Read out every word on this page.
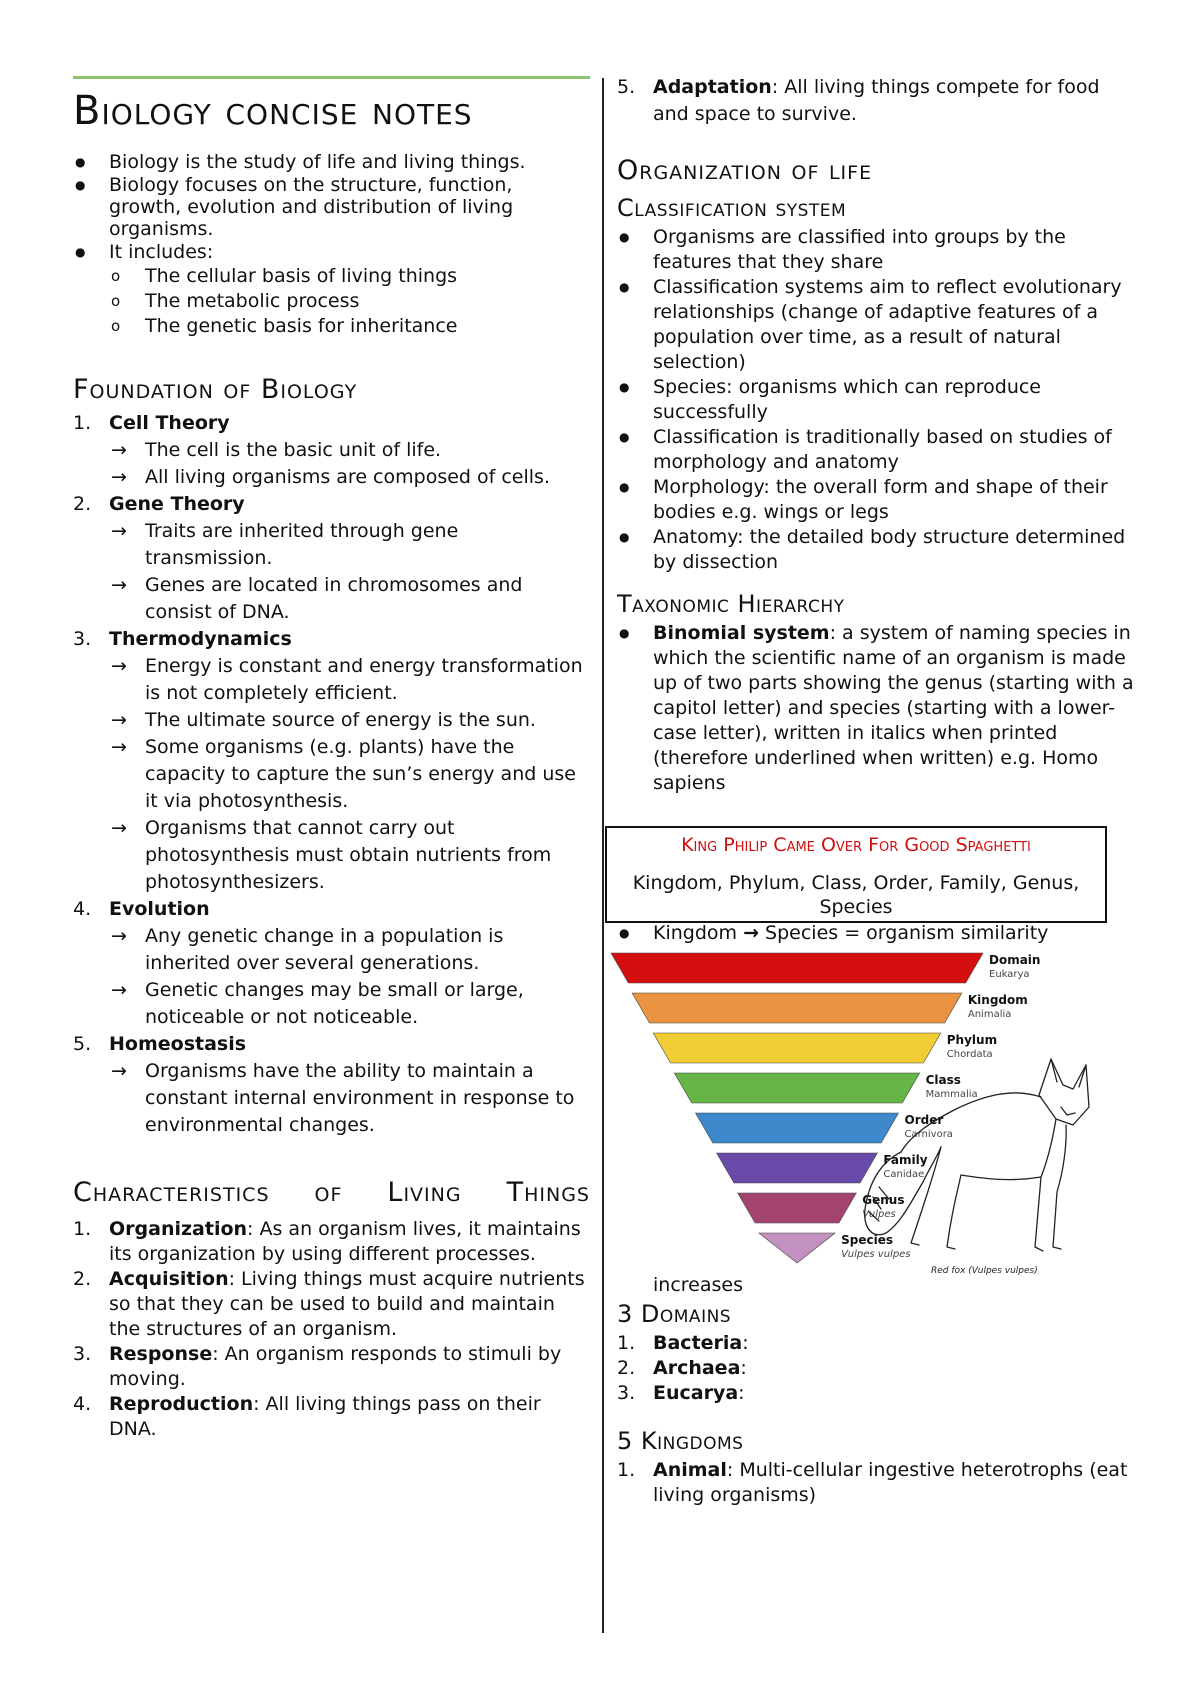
Biology concise notes
● Biology is the study of life and living things.
● Biology focuses on the structure, function, growth, evolution and distribution of living organisms.
● It includes:
o The cellular basis of living things
o The metabolic process
o The genetic basis for inheritance
Foundation of Biology
1. Cell Theory
→ The cell is the basic unit of life.
→ All living organisms are composed of cells.
2. Gene Theory
→ Traits are inherited through gene transmission.
→ Genes are located in chromosomes and consist of DNA.
3. Thermodynamics
→ Energy is constant and energy transformation is not completely efficient.
→ The ultimate source of energy is the sun.
→ Some organisms (e.g. plants) have the capacity to capture the sun’s energy and use it via photosynthesis.
→ Organisms that cannot carry out photosynthesis must obtain nutrients from photosynthesizers.
4. Evolution
→ Any genetic change in a population is inherited over several generations.
→ Genetic changes may be small or large, noticeable or not noticeable.
5. Homeostasis
→ Organisms have the ability to maintain a constant internal environment in response to environmental changes.
Characteristics of Living Things
1. Organization: As an organism lives, it maintains its organization by using different processes.
2. Acquisition: Living things must acquire nutrients so that they can be used to build and maintain the structures of an organism.
3. Response: An organism responds to stimuli by moving.
4. Reproduction: All living things pass on their DNA.
5. Adaptation: All living things compete for food and space to survive.
Organization of life
Classification system
● Organisms are classified into groups by the features that they share
● Classification systems aim to reflect evolutionary relationships (change of adaptive features of a population over time, as a result of natural selection)
● Species: organisms which can reproduce successfully
● Classification is traditionally based on studies of morphology and anatomy
● Morphology: the overall form and shape of their bodies e.g. wings or legs
● Anatomy: the detailed body structure determined by dissection
Taxonomic Hierarchy
● Binomial system: a system of naming species in which the scientific name of an organism is made up of two parts showing the genus (starting with a capitol letter) and species (starting with a lower-case letter), written in italics when printed (therefore underlined when written) e.g. Homo sapiens
King Philip Came Over For Good Spaghetti
Kingdom, Phylum, Class, Order, Family, Genus, Species
● Kingdom → Species = organism similarity
Domain
Eukarya
Kingdom
Animalia
Phylum
Chordata
Class
Mammalia
Order
Carnivora
Family
Canidae
Genus
Vulpes
Species
Vulpes vulpes
Red fox (Vulpes vulpes)
increases
3 Domains
1. Bacteria:
2. Archaea:
3. Eucarya:
5 Kingdoms
1. Animal: Multi-cellular ingestive heterotrophs (eat living organisms)
